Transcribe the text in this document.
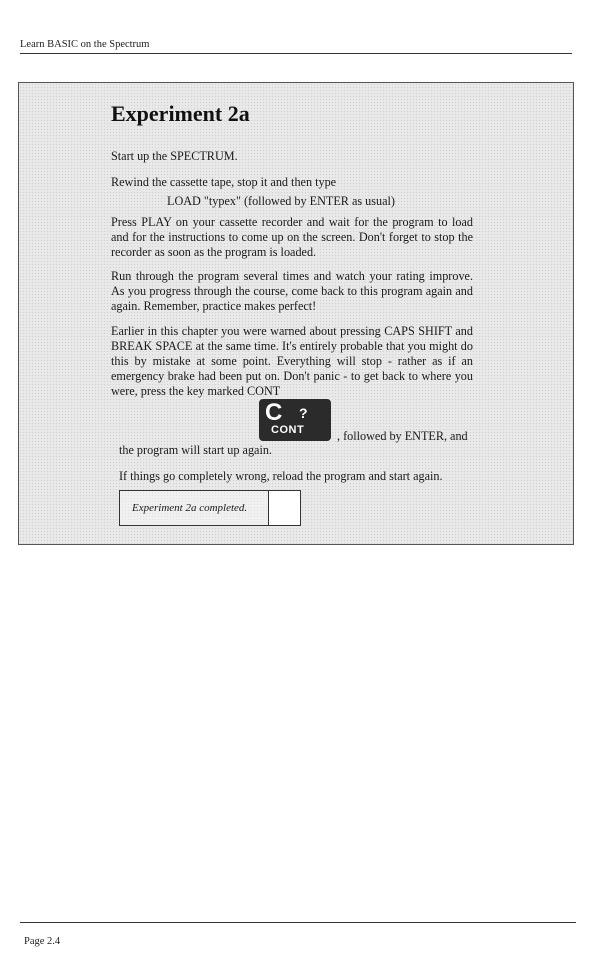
Learn BASIC on the Spectrum
Experiment 2a

Start up the SPECTRUM.

Rewind the cassette tape, stop it and then type

LOAD "typex" (followed by ENTER as usual)

Press PLAY on your cassette recorder and wait for the program to load and for the instructions to come up on the screen. Don't forget to stop the recorder as soon as the program is loaded.

Run through the program several times and watch your rating improve. As you progress through the course, come back to this program again and again. Remember, practice makes perfect!

Earlier in this chapter you were warned about pressing CAPS SHIFT and BREAK SPACE at the same time. It's entirely probable that you might do this by mistake at some point. Everything will stop - rather as if an emergency brake had been put on. Don't panic - to get back to where you were, press the key marked CONT

C ?
CONT	, followed by ENTER, and

the program will start up again.

If things go completely wrong, reload the program and start again.

Experiment 2a completed.
Page 2.4
